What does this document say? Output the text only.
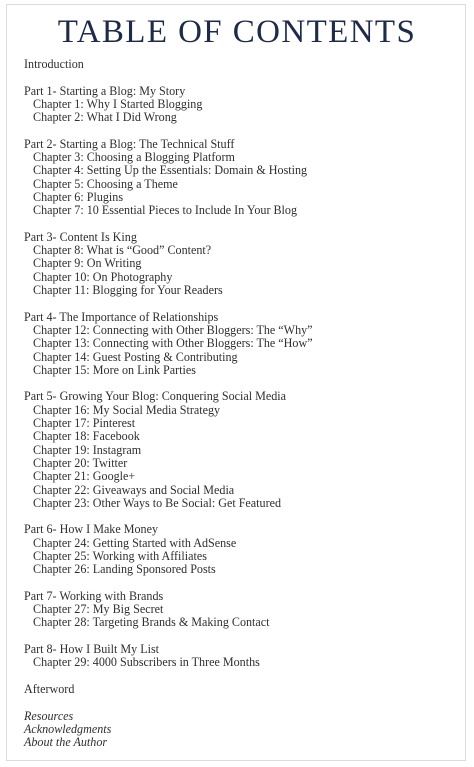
TABLE OF CONTENTS
Introduction
Part 1- Starting a Blog: My Story
Chapter 1: Why I Started Blogging
Chapter 2: What I Did Wrong
Part 2- Starting a Blog: The Technical Stuff
Chapter 3: Choosing a Blogging Platform
Chapter 4: Setting Up the Essentials: Domain & Hosting
Chapter 5: Choosing a Theme
Chapter 6: Plugins
Chapter 7: 10 Essential Pieces to Include In Your Blog
Part 3- Content Is King
Chapter 8: What is “Good” Content?
Chapter 9: On Writing
Chapter 10: On Photography
Chapter 11: Blogging for Your Readers
Part 4- The Importance of Relationships
Chapter 12: Connecting with Other Bloggers: The “Why”
Chapter 13: Connecting with Other Bloggers: The “How”
Chapter 14: Guest Posting & Contributing
Chapter 15: More on Link Parties
Part 5- Growing Your Blog: Conquering Social Media
Chapter 16: My Social Media Strategy
Chapter 17: Pinterest
Chapter 18: Facebook
Chapter 19: Instagram
Chapter 20: Twitter
Chapter 21: Google+
Chapter 22: Giveaways and Social Media
Chapter 23: Other Ways to Be Social: Get Featured
Part 6- How I Make Money
Chapter 24: Getting Started with AdSense
Chapter 25: Working with Affiliates
Chapter 26: Landing Sponsored Posts
Part 7- Working with Brands
Chapter 27: My Big Secret
Chapter 28: Targeting Brands & Making Contact
Part 8- How I Built My List
Chapter 29: 4000 Subscribers in Three Months
Afterword
Resources
Acknowledgments
About the Author
